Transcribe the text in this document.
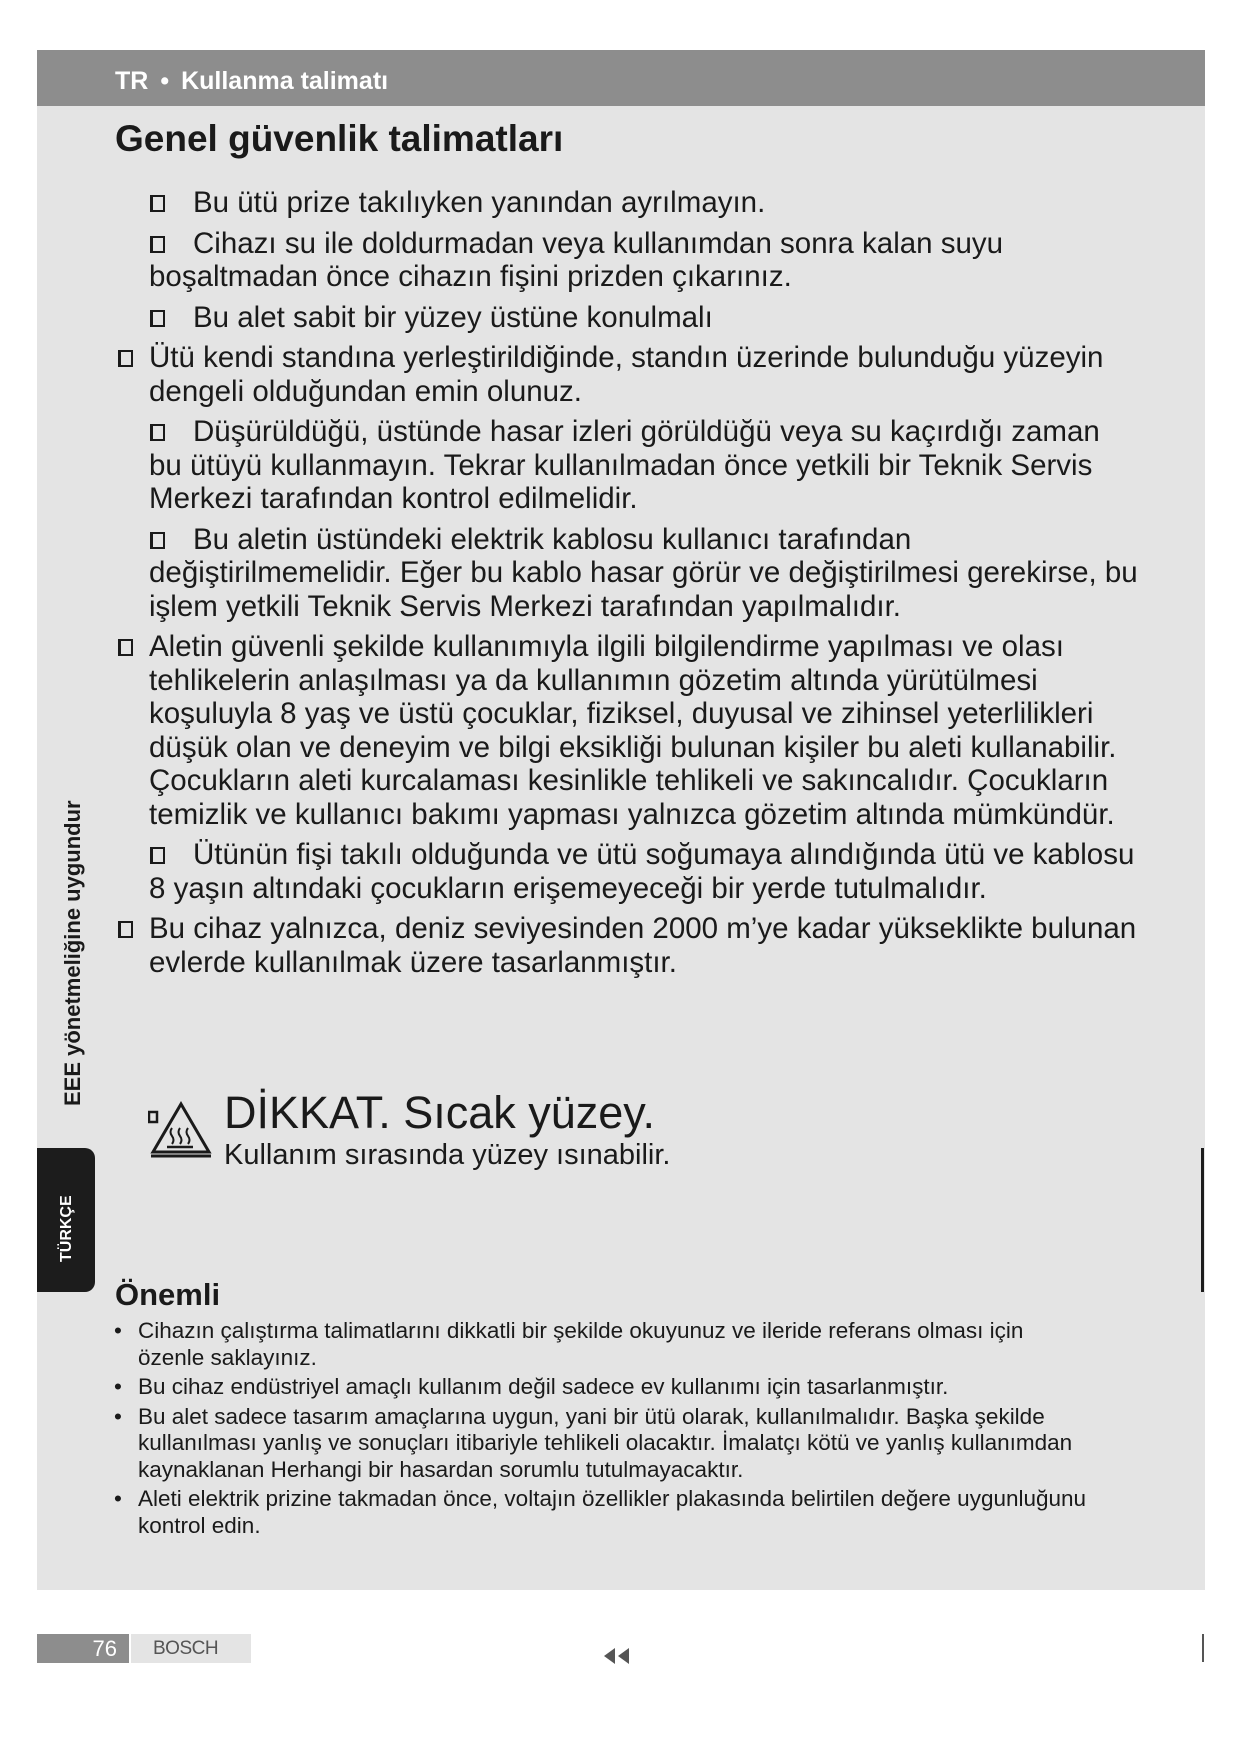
TR • Kullanma talimatı
Genel güvenlik talimatları
Bu ütü prize takılıyken yanından ayrılmayın.
Cihazı su ile doldurmadan veya kullanımdan sonra kalan suyu boşaltmadan önce cihazın fişini prizden çıkarınız.
Bu alet sabit bir yüzey üstüne konulmalı
Ütü kendi standına yerleştirildiğinde, standın üzerinde bulunduğu yüzeyin dengeli olduğundan emin olunuz.
Düşürüldüğü, üstünde hasar izleri görüldüğü veya su kaçırdığı zaman bu ütüyü kullanmayın. Tekrar kullanılmadan önce yetkili bir Teknik Servis Merkezi tarafından kontrol edilmelidir.
Bu aletin üstündeki elektrik kablosu kullanıcı tarafından değiştirilmemelidir. Eğer bu kablo hasar görür ve değiştirilmesi gerekirse, bu işlem yetkili Teknik Servis Merkezi tarafından yapılmalıdır.
Aletin güvenli şekilde kullanımıyla ilgili bilgilendirme yapılması ve olası tehlikelerin anlaşılması ya da kullanımın gözetim altında yürütülmesi koşuluyla 8 yaş ve üstü çocuklar, fiziksel, duyusal ve zihinsel yeterlilikleri düşük olan ve deneyim ve bilgi eksikliği bulunan kişiler bu aleti kullanabilir. Çocukların aleti kurcalaması kesinlikle tehlikeli ve sakıncalıdır. Çocukların temizlik ve kullanıcı bakımı yapması yalnızca gözetim altında mümkündür.
Ütünün fişi takılı olduğunda ve ütü soğumaya alındığında ütü ve kablosu 8 yaşın altındaki çocukların erişemeyeceği bir yerde tutulmalıdır.
Bu cihaz yalnızca, deniz seviyesinden 2000 m’ye kadar yükseklikte bulunan evlerde kullanılmak üzere tasarlanmıştır.
DİKKAT. Sıcak yüzey.
Kullanım sırasında yüzey ısınabilir.
EEE yönetmeliğine uygundur
TÜRKÇE
Önemli
• Cihazın çalıştırma talimatlarını dikkatli bir şekilde okuyunuz ve ileride referans olması için özenle saklayınız.
• Bu cihaz endüstriyel amaçlı kullanım değil sadece ev kullanımı için tasarlanmıştır.
• Bu alet sadece tasarım amaçlarına uygun, yani bir ütü olarak, kullanılmalıdır. Başka şekilde kullanılması yanlış ve sonuçları itibariyle tehlikeli olacaktır. İmalatçı kötü ve yanlış kullanımdan kaynaklanan Herhangi bir hasardan sorumlu tutulmayacaktır.
• Aleti elektrik prizine takmadan önce, voltajın özellikler plakasında belirtilen değere uygunluğunu kontrol edin.
76 BOSCH
